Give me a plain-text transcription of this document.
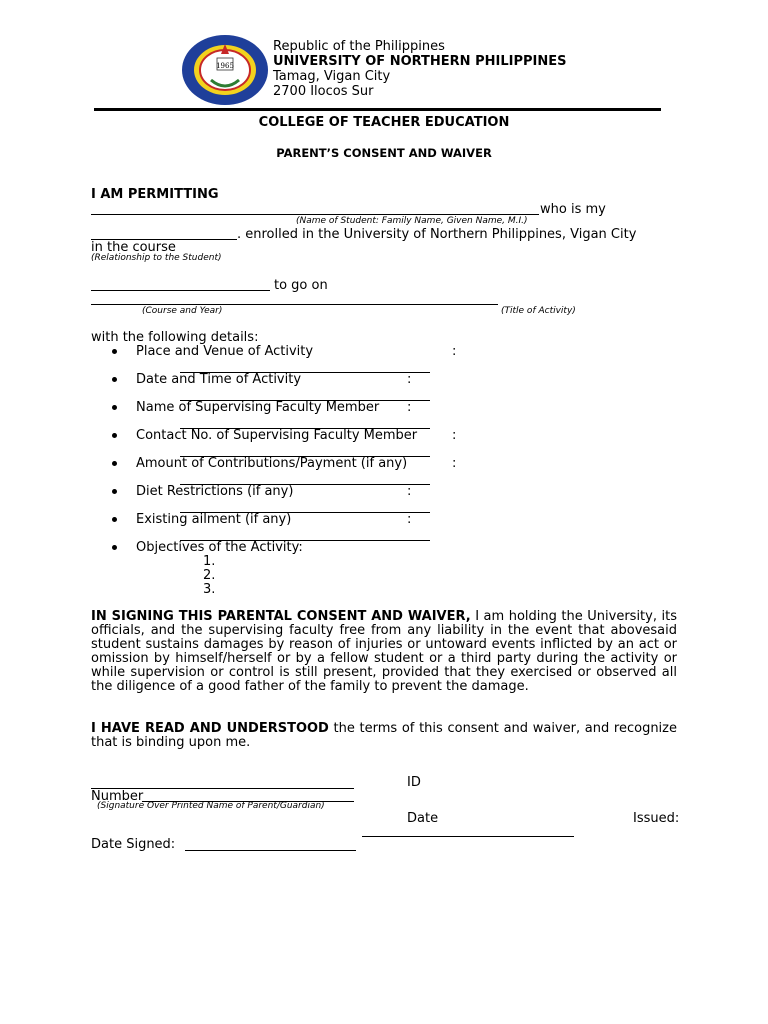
1965
Republic of the Philippines
UNIVERSITY OF NORTHERN PHILIPPINES
Tamag, Vigan City
2700 Ilocos Sur
COLLEGE OF TEACHER EDUCATION
PARENT’S CONSENT AND WAIVER
I AM PERMITTING
who is my
(Name of Student: Family Name, Given Name, M.I.)
. enrolled in the University of Northern Philippines, Vigan City
in the course
(Relationship to the Student)
to go on
(Course and Year)	(Title of Activity)
with the following details:
Place and Venue of Activity	:
Date and Time of Activity	:
Name of Supervising Faculty Member :
Contact No. of Supervising Faculty Member	:
Amount of Contributions/Payment (if any)	:
Diet Restrictions (if any)	:
Existing ailment (if any)	:
Objectives of the Activity:
1.
2.
3.
IN SIGNING THIS PARENTAL CONSENT AND WAIVER, I am holding the University, its officials, and the supervising faculty free from any liability in the event that abovesaid student sustains damages by reason of injuries or untoward events inflicted by an act or omission by himself/herself or by a fellow student or a third party during the activity or while supervision or control is still present, provided that they exercised or observed all the diligence of a good father of the family to prevent the damage.
I HAVE READ AND UNDERSTOOD the terms of this consent and waiver, and recognize that is binding upon me.
ID
Number
(Signature Over Printed Name of Parent/Guardian)
Date	Issued:
Date Signed:
